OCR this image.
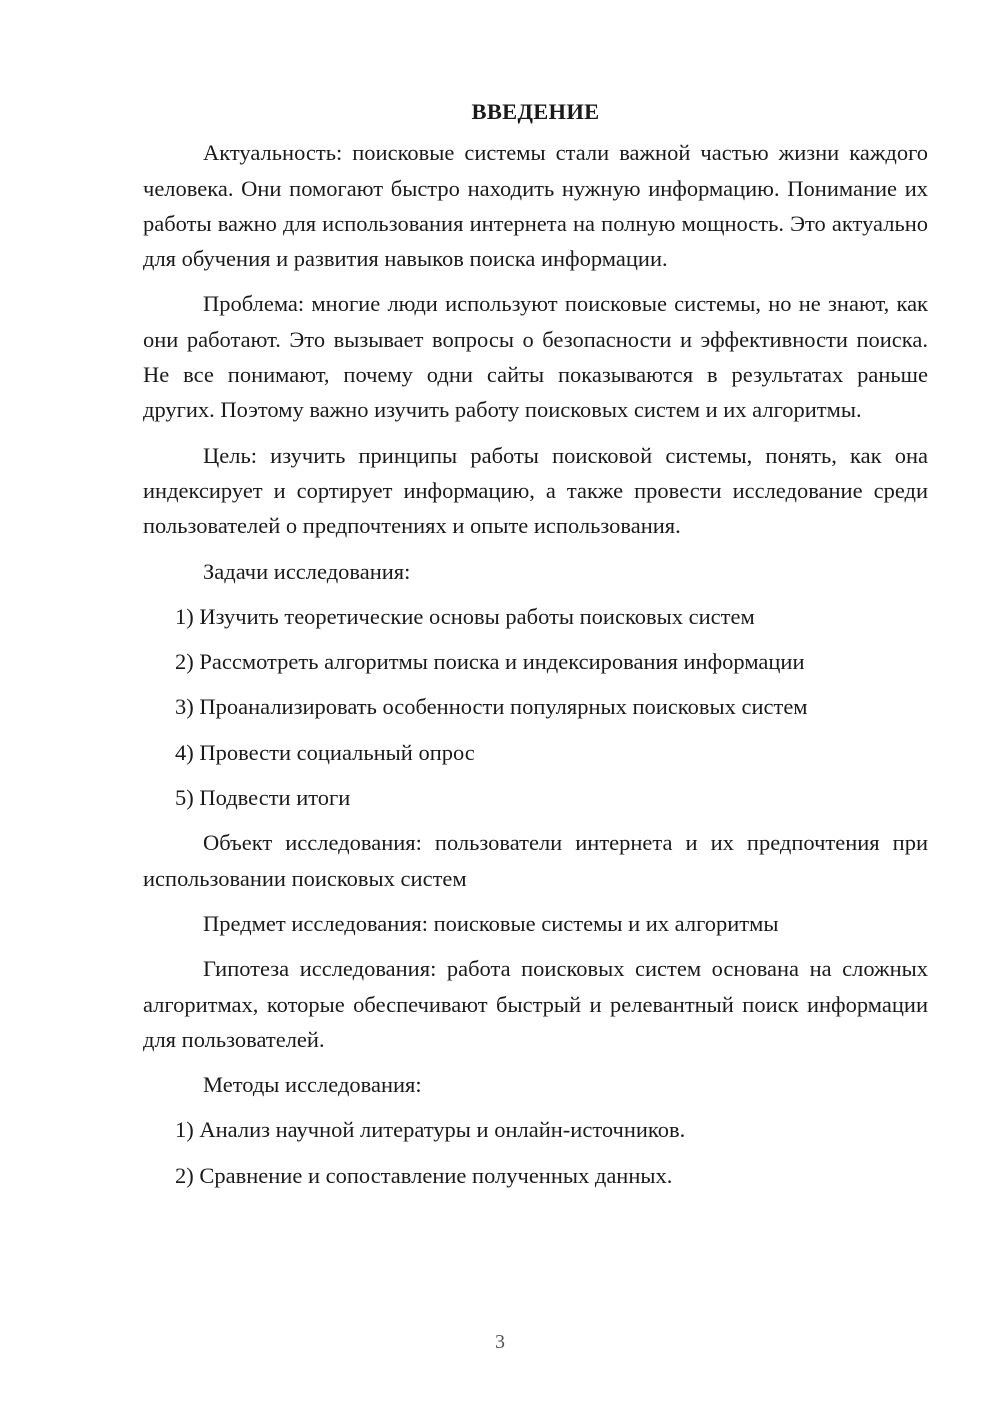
ВВЕДЕНИЕ

Актуальность: поисковые системы стали важной частью жизни каждого человека. Они помогают быстро находить нужную информацию. Понимание их работы важно для использования интернета на полную мощность. Это актуально для обучения и развития навыков поиска информации.

Проблема: многие люди используют поисковые системы, но не знают, как они работают. Это вызывает вопросы о безопасности и эффективности поиска. Не все понимают, почему одни сайты показываются в результатах раньше других. Поэтому важно изучить работу поисковых систем и их алгоритмы.

Цель: изучить принципы работы поисковой системы, понять, как она индексирует и сортирует информацию, а также провести исследование среди пользователей о предпочтениях и опыте использования.

Задачи исследования:

1) Изучить теоретические основы работы поисковых систем

2) Рассмотреть алгоритмы поиска и индексирования информации

3) Проанализировать особенности популярных поисковых систем

4) Провести социальный опрос

5) Подвести итоги

Объект исследования: пользователи интернета и их предпочтения при использовании поисковых систем

Предмет исследования: поисковые системы и их алгоритмы

Гипотеза исследования: работа поисковых систем основана на сложных алгоритмах, которые обеспечивают быстрый и релевантный поиск информации для пользователей.

Методы исследования:

1) Анализ научной литературы и онлайн-источников.

2) Сравнение и сопоставление полученных данных.

3
